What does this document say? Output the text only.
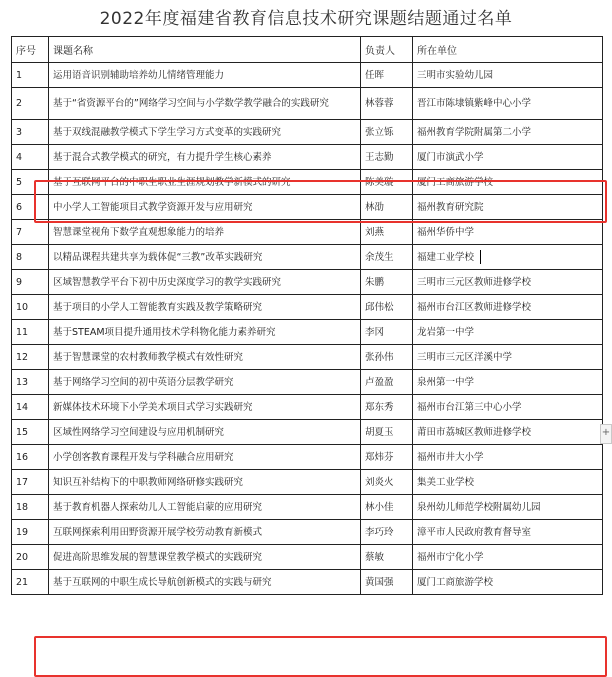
2022年度福建省教育信息技术研究课题结题通过名单
序号	课题名称	负责人	所在单位
1	运用语音识别辅助培养幼儿情绪管理能力	任晖	三明市实验幼儿园
2	基于“省资源平台的”网络学习空间与小学数学教学融合的实践研究	林蓉蓉	晋江市陈埭镇紫峰中心小学
3	基于双线混融教学模式下学生学习方式变革的实践研究	张立铄	福州教育学院附属第二小学
4	基于混合式教学模式的研究，有力提升学生核心素养	王志勤	厦门市演武小学
5	基于互联网平台的中职生职业生涯规划教学新模式的研究	陈美璇	厦门工商旅游学校
6	中小学人工智能项目式教学资源开发与应用研究	林劭	福州教育研究院
7	智慧课堂视角下数学直观想象能力的培养	刘燕	福州华侨中学
8	以精品课程共建共享为载体促“三教”改革实践研究	余茂生	福建工业学校
9	区域智慧教学平台下初中历史深度学习的教学实践研究	朱鹏	三明市三元区教师进修学校
10	基于项目的小学人工智能教育实践及教学策略研究	邱伟松	福州市台江区教师进修学校
11	基于STEAM项目提升通用技术学科物化能力素养研究	李冈	龙岩第一中学
12	基于智慧课堂的农村教师教学模式有效性研究	张孙伟	三明市三元区洋溪中学
13	基于网络学习空间的初中英语分层教学研究	卢盈盈	泉州第一中学
14	新媒体技术环境下小学美术项目式学习实践研究	郑东秀	福州市台江第三中心小学
15	区域性网络学习空间建设与应用机制研究	胡夏玉	莆田市荔城区教师进修学校
16	小学创客教育课程开发与学科融合应用研究	郑炜芬	福州市井大小学
17	知识互补结构下的中职教师网络研修实践研究	刘炎火	集美工业学校
18	基于教育机器人探索幼儿人工智能启蒙的应用研究	林小佳	泉州幼儿师范学校附属幼儿园
19	互联网探索利用田野资源开展学校劳动教育新模式	李巧玲	漳平市人民政府教育督导室
20	促进高阶思维发展的智慧课堂教学模式的实践研究	蔡敏	福州市宁化小学
21	基于互联网的中职生成长导航创新模式的实践与研究	黄国强	厦门工商旅游学校
+
